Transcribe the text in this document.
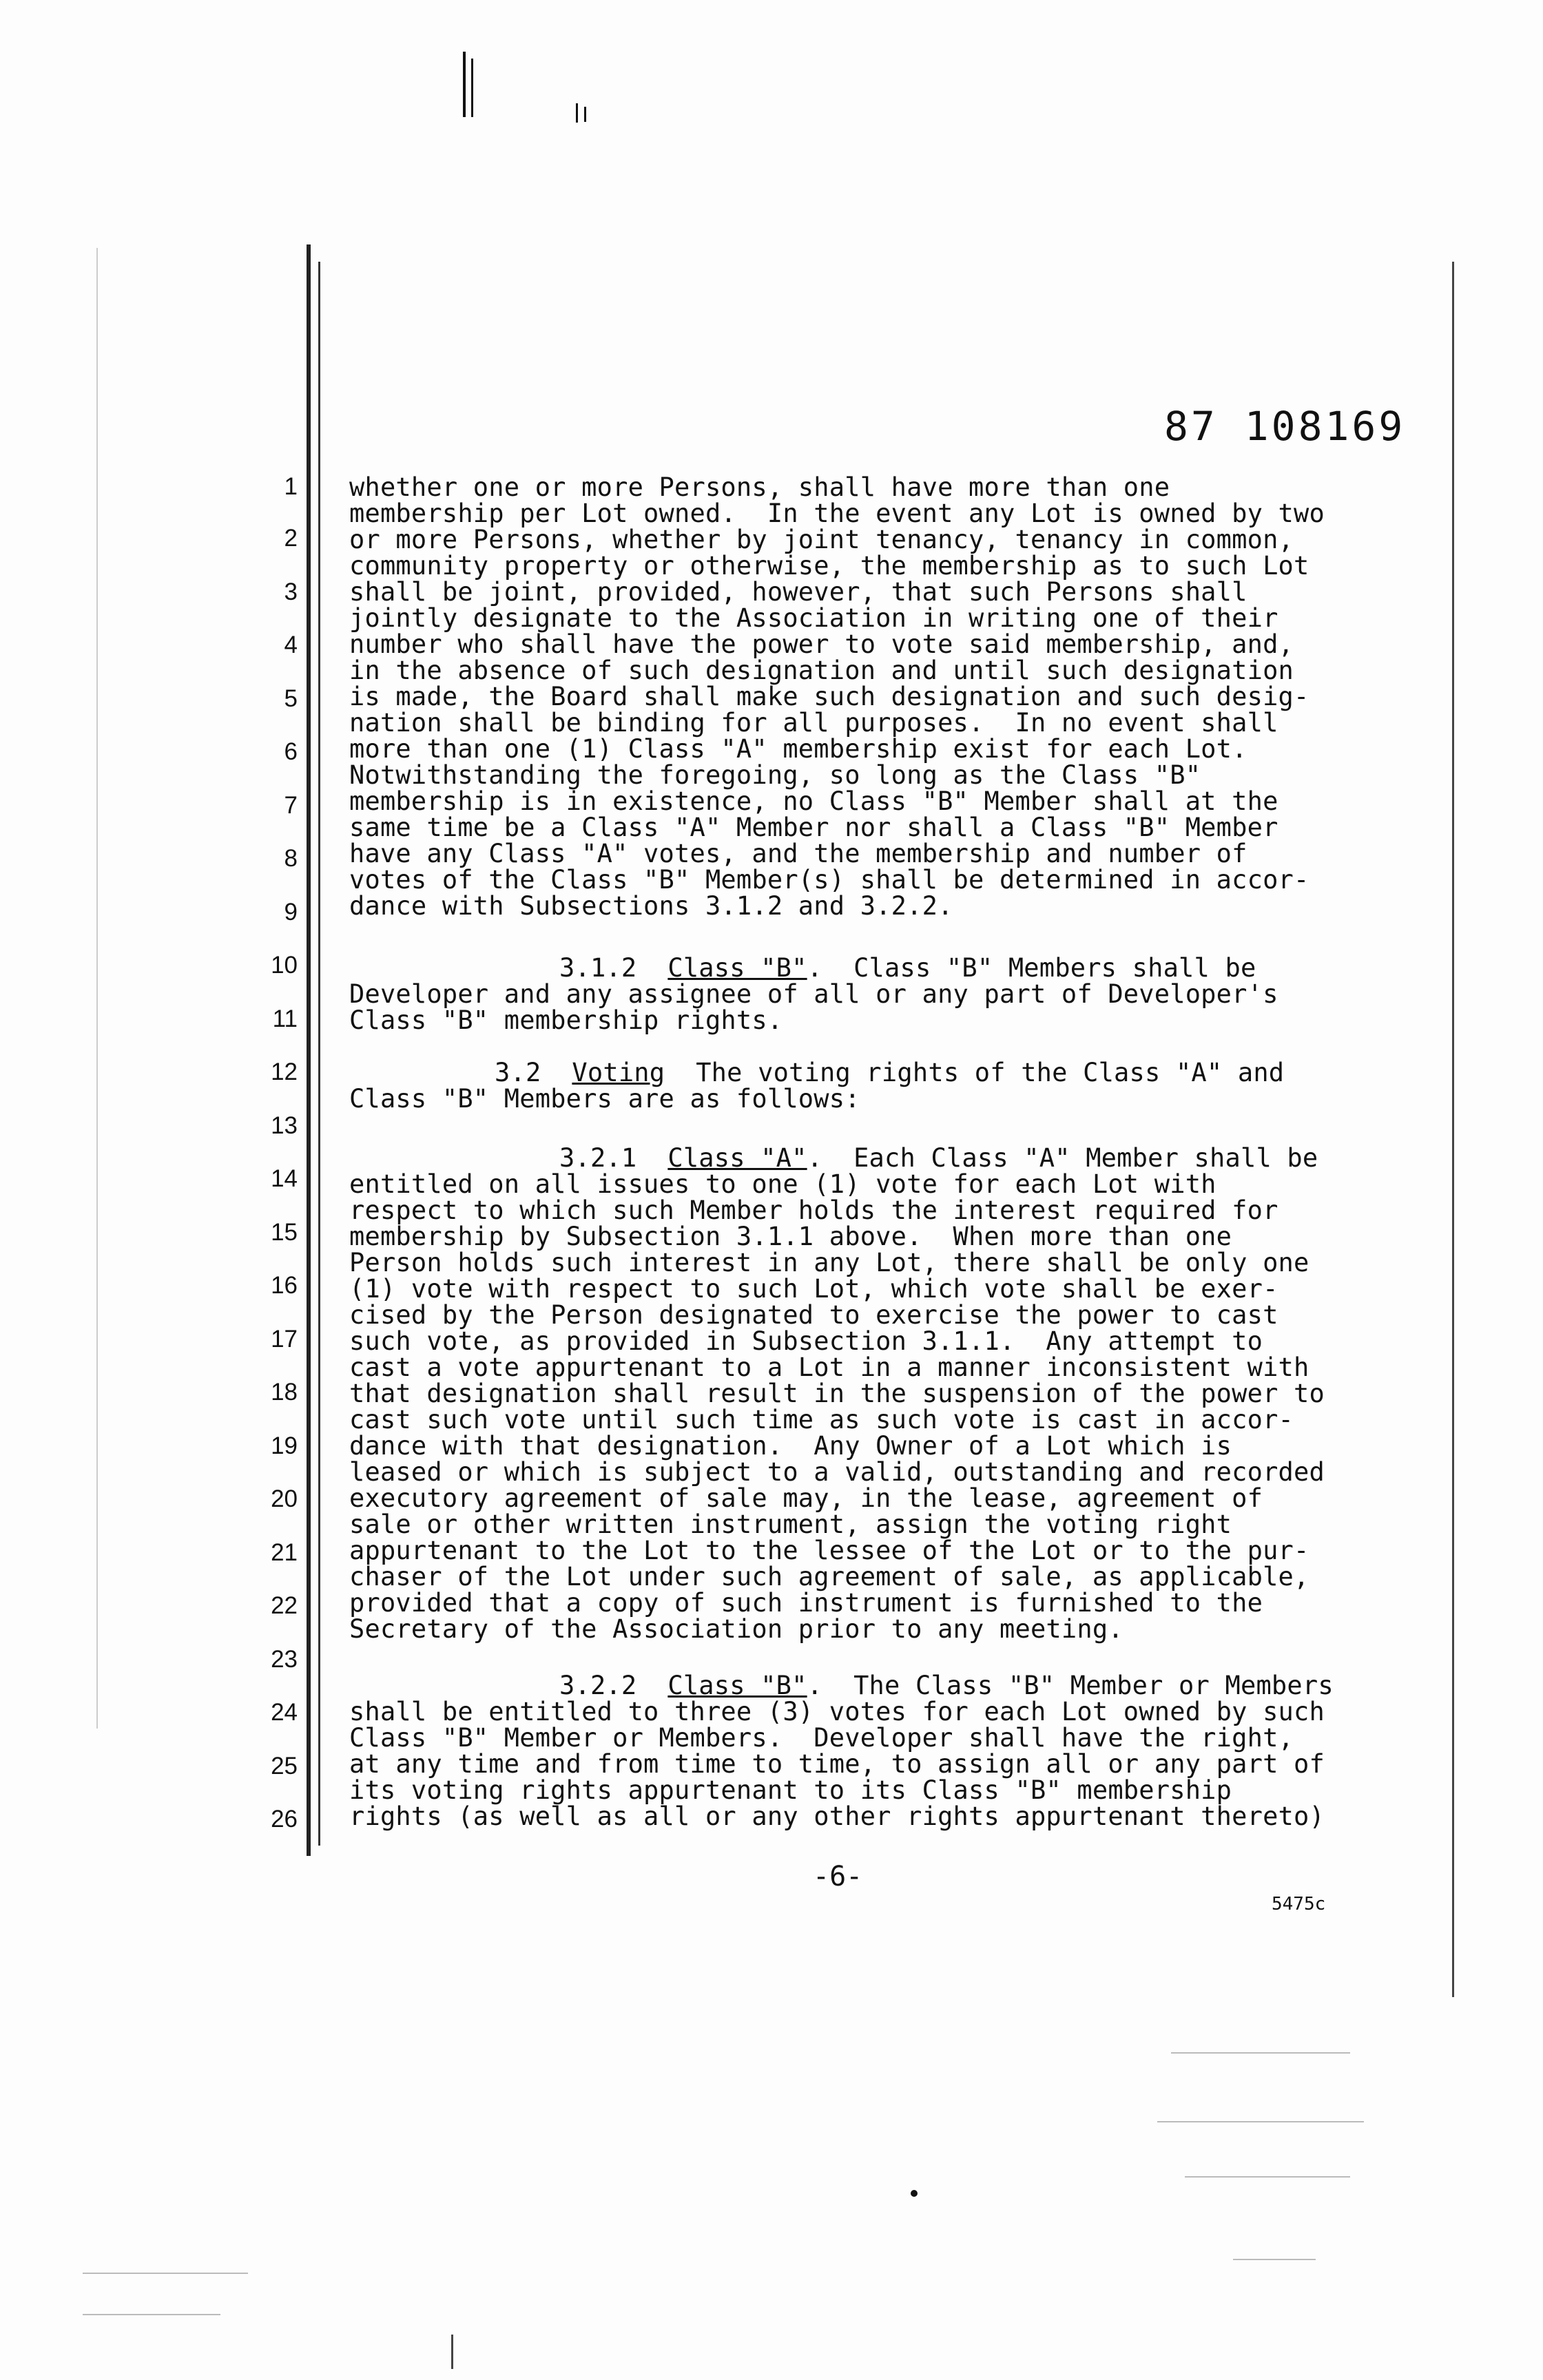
87 108169
1
2
3
4
5
6
7
8
9
10
11
12
13
14
15
16
17
18
19
20
21
22
23
24
25
26
whether one or more Persons, shall have more than one
membership per Lot owned.  In the event any Lot is owned by two
or more Persons, whether by joint tenancy, tenancy in common,
community property or otherwise, the membership as to such Lot
shall be joint, provided, however, that such Persons shall
jointly designate to the Association in writing one of their
number who shall have the power to vote said membership, and,
in the absence of such designation and until such designation
is made, the Board shall make such designation and such desig-
nation shall be binding for all purposes.  In no event shall
more than one (1) Class "A" membership exist for each Lot.
Notwithstanding the foregoing, so long as the Class "B"
membership is in existence, no Class "B" Member shall at the
same time be a Class "A" Member nor shall a Class "B" Member
have any Class "A" votes, and the membership and number of
votes of the Class "B" Member(s) shall be determined in accor-
dance with Subsections 3.1.2 and 3.2.2.
3.1.2 Class "B".  Class "B" Members shall be
Developer and any assignee of all or any part of Developer's
Class "B" membership rights.
3.2 Voting  The voting rights of the Class "A" and
Class "B" Members are as follows:
3.2.1 Class "A".  Each Class "A" Member shall be
entitled on all issues to one (1) vote for each Lot with
respect to which such Member holds the interest required for
membership by Subsection 3.1.1 above.  When more than one
Person holds such interest in any Lot, there shall be only one
(1) vote with respect to such Lot, which vote shall be exer-
cised by the Person designated to exercise the power to cast
such vote, as provided in Subsection 3.1.1.  Any attempt to
cast a vote appurtenant to a Lot in a manner inconsistent with
that designation shall result in the suspension of the power to
cast such vote until such time as such vote is cast in accor-
dance with that designation.  Any Owner of a Lot which is
leased or which is subject to a valid, outstanding and recorded
executory agreement of sale may, in the lease, agreement of
sale or other written instrument, assign the voting right
appurtenant to the Lot to the lessee of the Lot or to the pur-
chaser of the Lot under such agreement of sale, as applicable,
provided that a copy of such instrument is furnished to the
Secretary of the Association prior to any meeting.
3.2.2 Class "B".  The Class "B" Member or Members
shall be entitled to three (3) votes for each Lot owned by such
Class "B" Member or Members.  Developer shall have the right,
at any time and from time to time, to assign all or any part of
its voting rights appurtenant to its Class "B" membership
rights (as well as all or any other rights appurtenant thereto)
-6-
5475c
